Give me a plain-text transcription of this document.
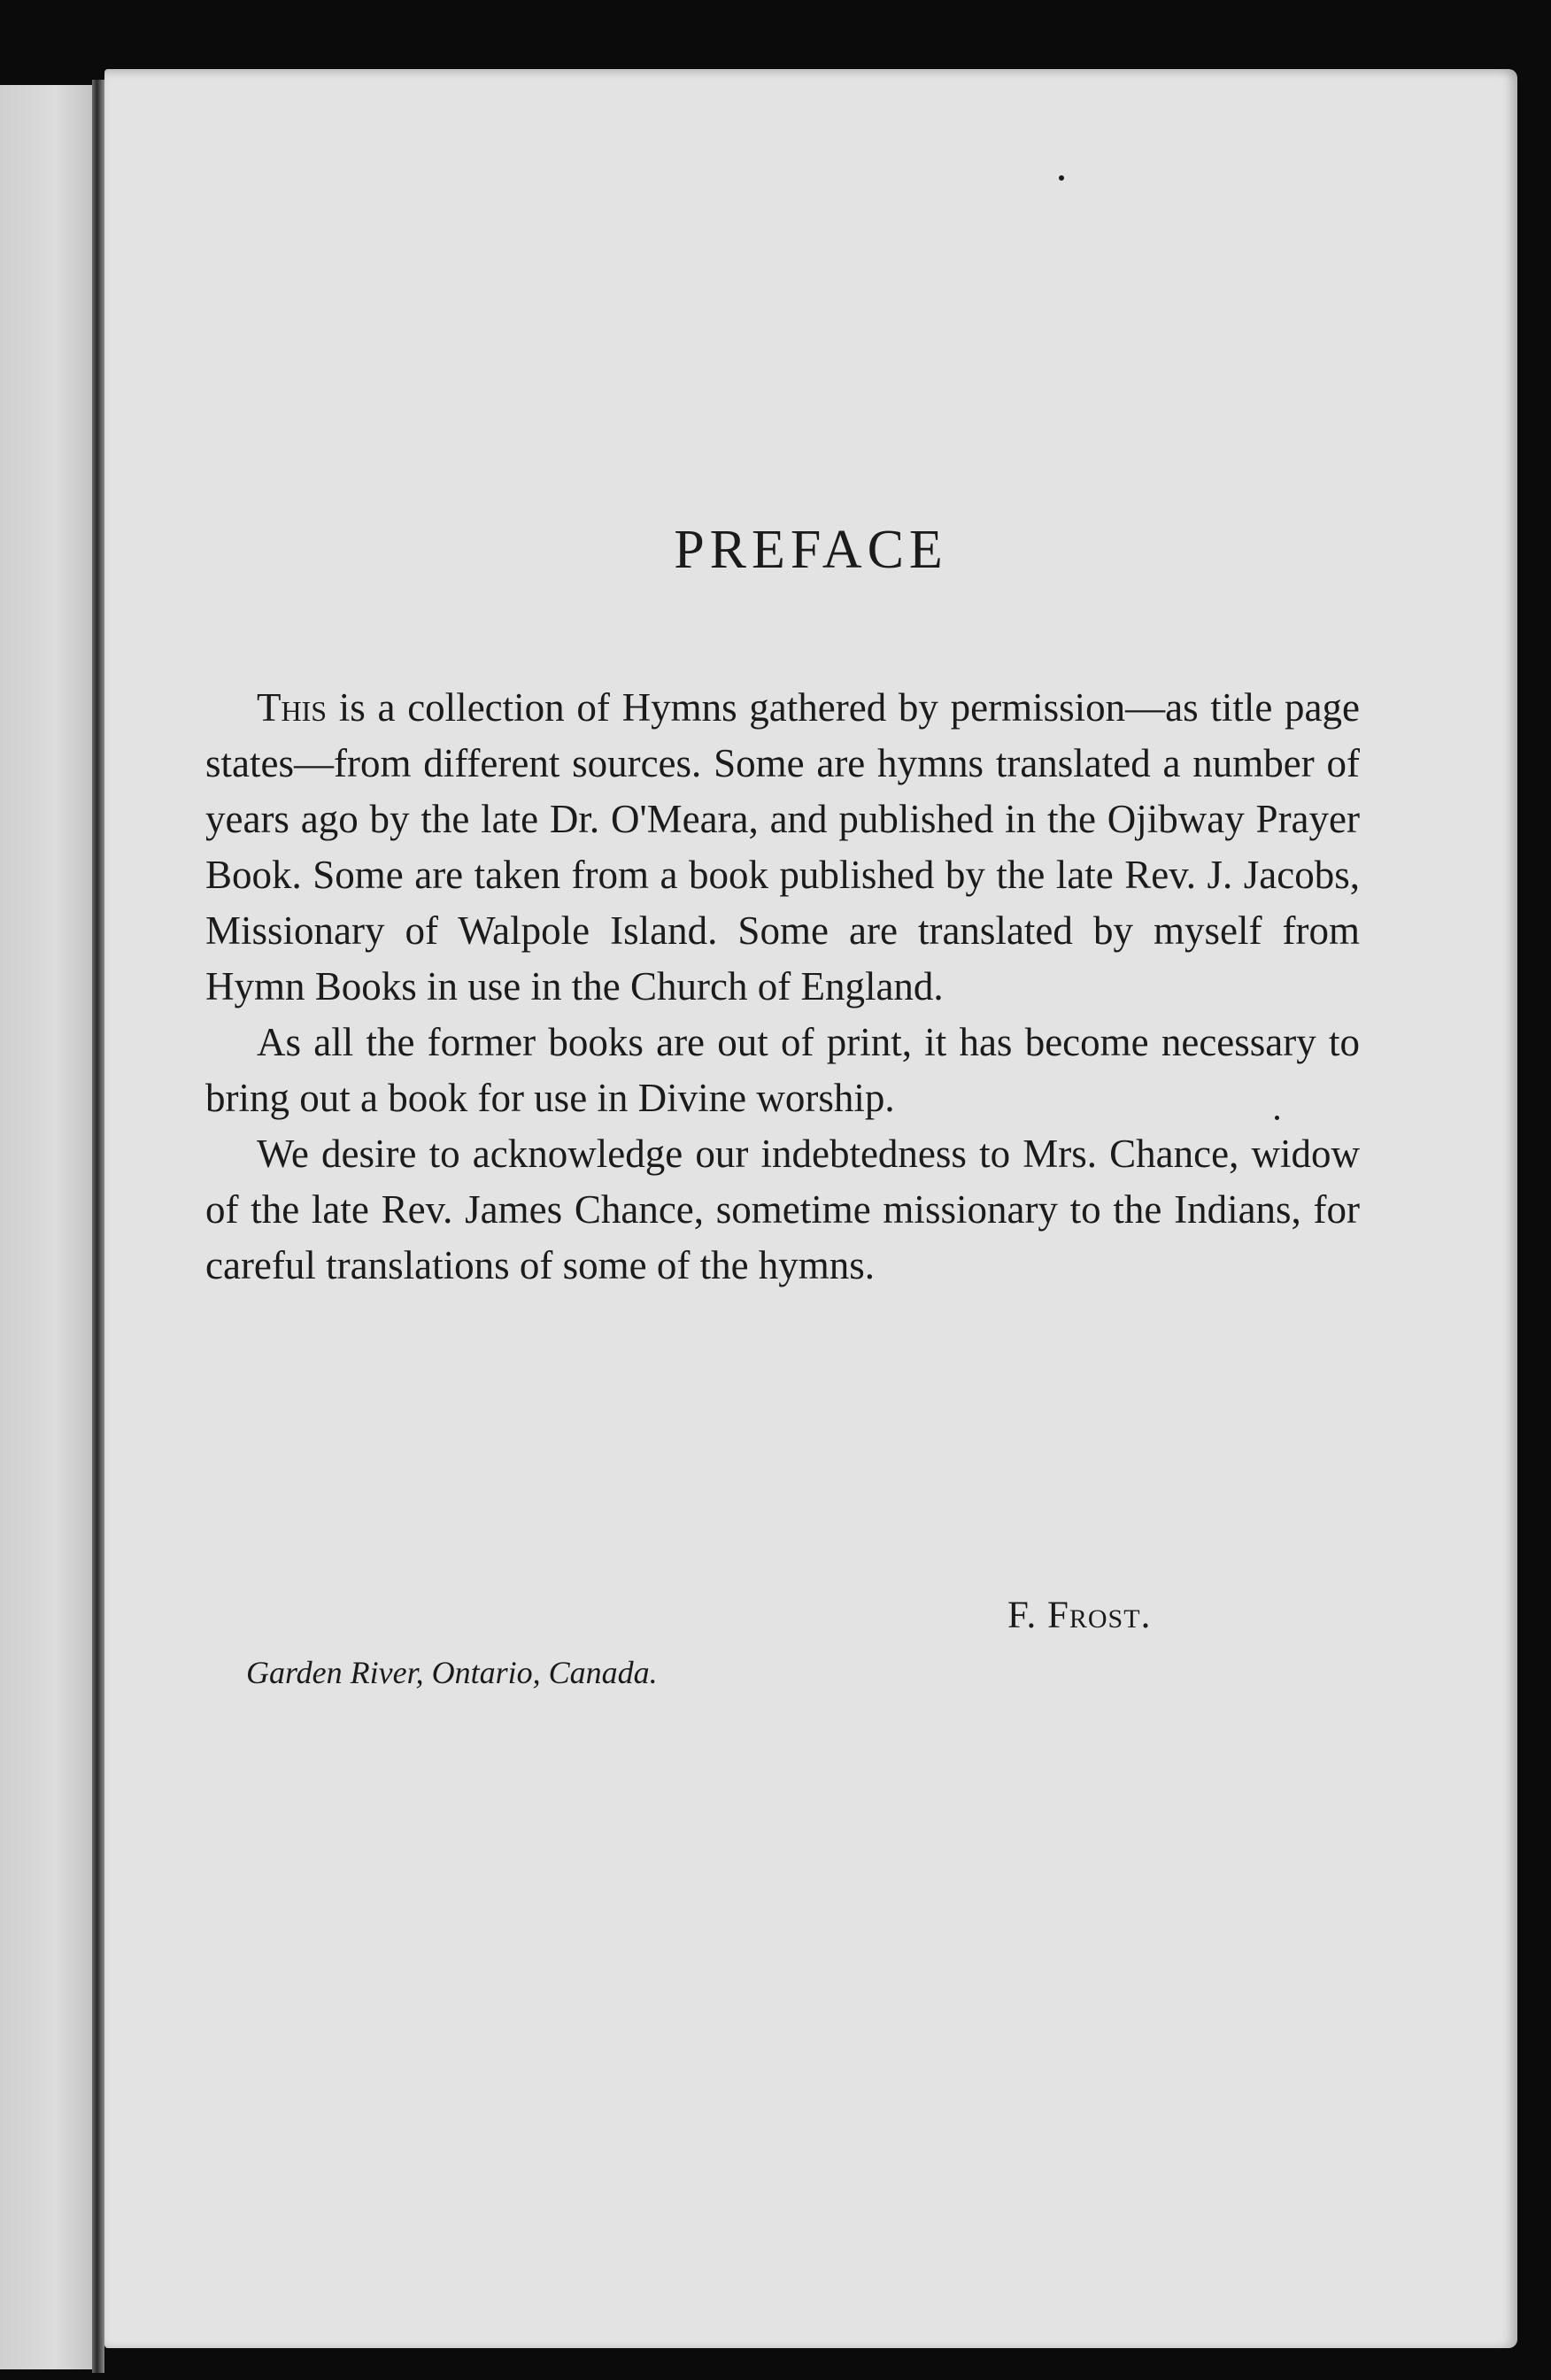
PREFACE

This is a collection of Hymns gathered by permission—as title page states—from different sources. Some are hymns translated a number of years ago by the late Dr. O'Meara, and published in the Ojibway Prayer Book. Some are taken from a book published by the late Rev. J. Jacobs, Missionary of Walpole Island. Some are translated by myself from Hymn Books in use in the Church of England.

As all the former books are out of print, it has become necessary to bring out a book for use in Divine worship.

We desire to acknowledge our indebtedness to Mrs. Chance, widow of the late Rev. James Chance, sometime missionary to the Indians, for careful translations of some of the hymns.

F. Frost.
Garden River, Ontario, Canada.
